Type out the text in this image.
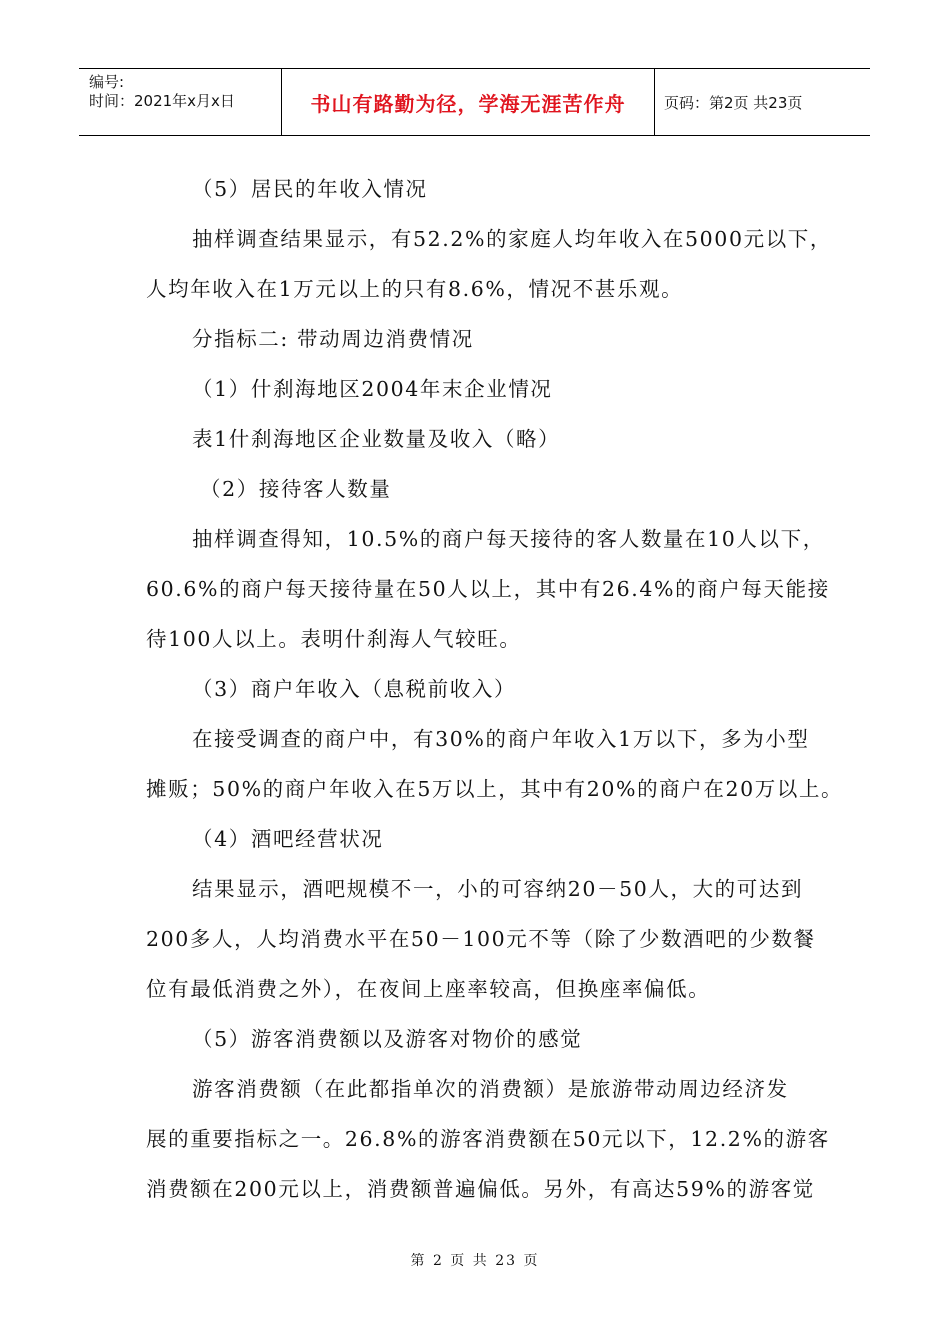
编号:
时间：2021年x月x日	书山有路勤为径，学海无涯苦作舟	页码：第2页 共23页
（5）居民的年收入情况
抽样调查结果显示，有52.2%的家庭人均年收入在5000元以下，
人均年收入在1万元以上的只有8.6%，情况不甚乐观。
分指标二: 带动周边消费情况
（1）什刹海地区2004年末企业情况
表1什刹海地区企业数量及收入（略）
（2）接待客人数量
抽样调查得知，10.5%的商户每天接待的客人数量在10人以下，
60.6%的商户每天接待量在50人以上，其中有26.4%的商户每天能接
待100人以上。表明什刹海人气较旺。
（3）商户年收入（息税前收入）
在接受调查的商户中，有30%的商户年收入1万以下，多为小型
摊贩；50%的商户年收入在5万以上，其中有20%的商户在20万以上。
（4）酒吧经营状况
结果显示，酒吧规模不一，小的可容纳20－50人，大的可达到
200多人，人均消费水平在50－100元不等（除了少数酒吧的少数餐
位有最低消费之外），在夜间上座率较高，但换座率偏低。
（5）游客消费额以及游客对物价的感觉
游客消费额（在此都指单次的消费额）是旅游带动周边经济发
展的重要指标之一。26.8%的游客消费额在50元以下，12.2%的游客
消费额在200元以上，消费额普遍偏低。另外，有高达59%的游客觉
第 2 页 共 23 页
